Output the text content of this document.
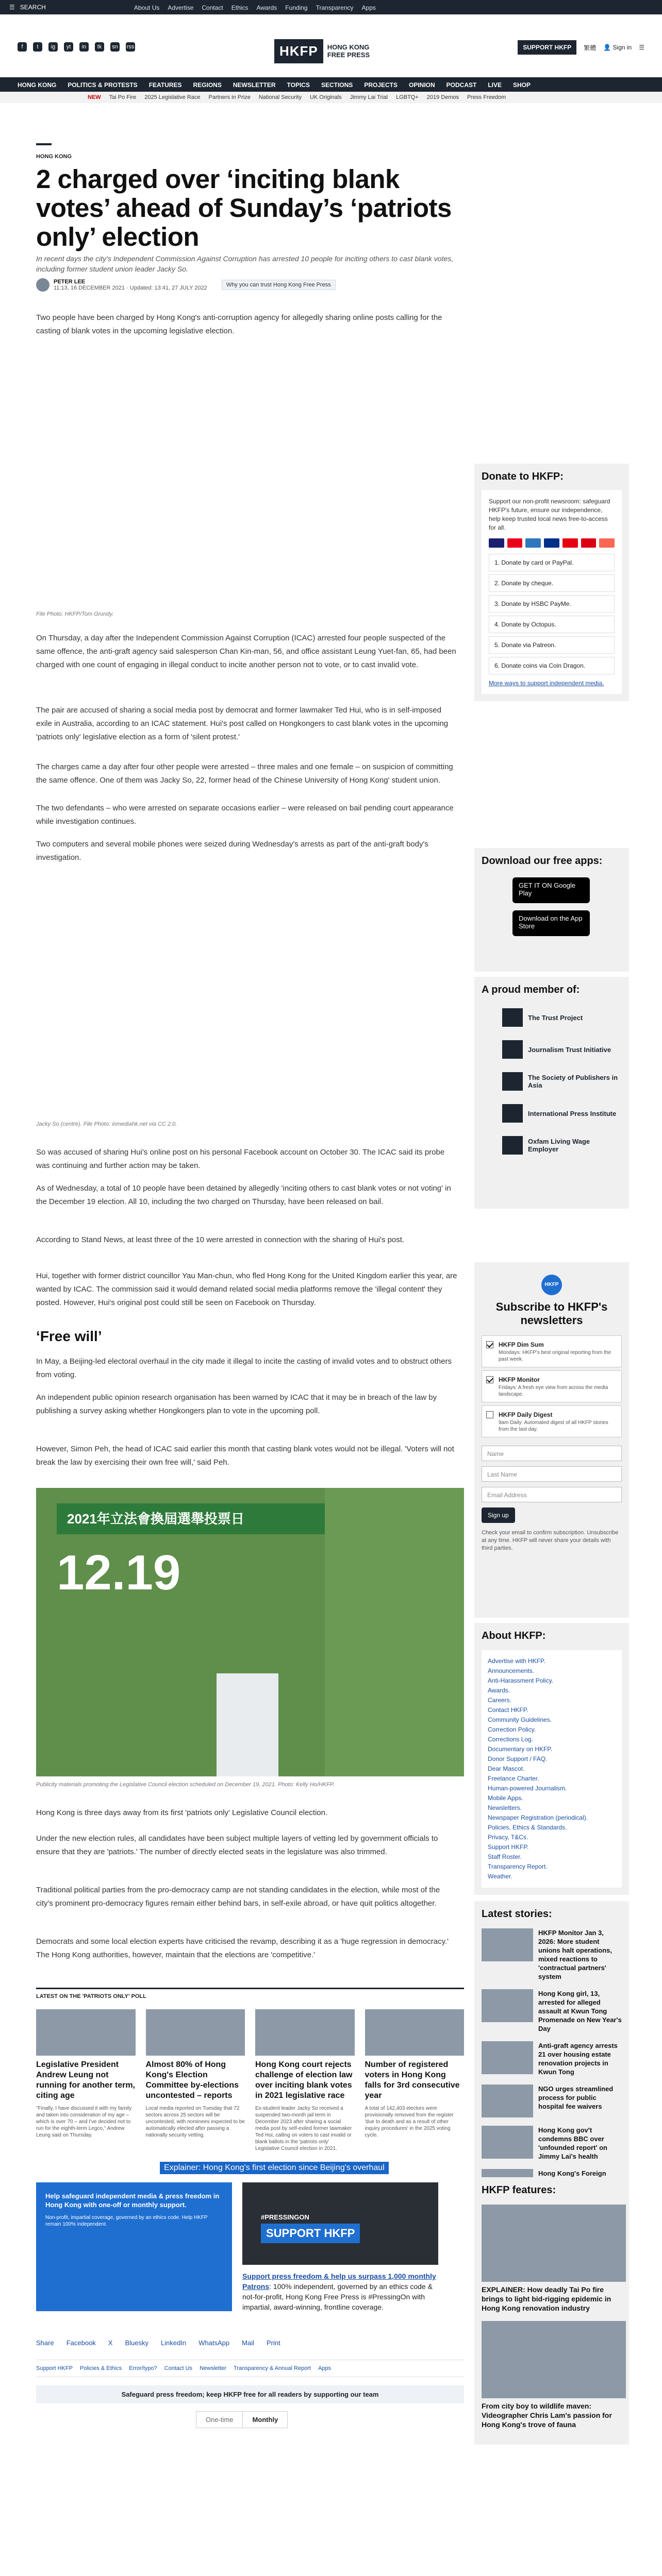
☰ SEARCH	About Us Advertise Contact Ethics Awards Funding Transparency Apps
f	t	ig	yt	in	tk	sn rss	HKFP	HONG KONG
FREE PRESS
SUPPORT HKFP	繁體 👤 Sign in ☰
HONG KONG POLITICS & PROTESTS FEATURES REGIONS NEWSLETTER TOPICS SECTIONS PROJECTS OPINION PODCAST LIVE SHOP
NEW Tai Po Fire 2025 Legislative Race Partners in Prize National Security UK Originals Jimmy Lai Trial LGBTQ+ 2019 Demos Press Freedom
HONG KONG
2 charged over ‘inciting blank votes’ ahead of Sunday’s ‘patriots only’ election
In recent days the city's Independent Commission Against Corruption has arrested 10 people for inciting others to cast blank votes, including former student union leader Jacky So.
PETER LEE
11:13, 16 DECEMBER 2021 · Updated: 13:41, 27 JULY 2022	Why you can trust Hong Kong Free Press

Two people have been charged by Hong Kong's anti-corruption agency for allegedly sharing online posts calling for the casting of blank votes in the upcoming legislative election.

File Photo: HKFP/Tom Grundy.

On Thursday, a day after the Independent Commission Against Corruption (ICAC) arrested four people suspected of the same offence, the anti-graft agency said salesperson Chan Kin-man, 56, and office assistant Leung Yuet-fan, 65, had been charged with one count of engaging in illegal conduct to incite another person not to vote, or to cast invalid vote.

The pair are accused of sharing a social media post by democrat and former lawmaker Ted Hui, who is in self-imposed exile in Australia, according to an ICAC statement. Hui's post called on Hongkongers to cast blank votes in the upcoming 'patriots only' legislative election as a form of 'silent protest.'

The charges came a day after four other people were arrested – three males and one female – on suspicion of committing the same offence. One of them was Jacky So, 22, former head of the Chinese University of Hong Kong' student union.

The two defendants – who were arrested on separate occasions earlier – were released on bail pending court appearance while investigation continues.

Two computers and several mobile phones were seized during Wednesday's arrests as part of the anti-graft body's investigation.

Jacky So (centre). File Photo: inmediahk.net via CC 2.0.

So was accused of sharing Hui's online post on his personal Facebook account on October 30. The ICAC said its probe was continuing and further action may be taken.

As of Wednesday, a total of 10 people have been detained by allegedly 'inciting others to cast blank votes or not voting' in the December 19 election. All 10, including the two charged on Thursday, have been released on bail.

According to Stand News, at least three of the 10 were arrested in connection with the sharing of Hui's post.

Hui, together with former district councillor Yau Man-chun, who fled Hong Kong for the United Kingdom earlier this year, are wanted by ICAC. The commission said it would demand related social media platforms remove the 'illegal content' they posted. However, Hui's original post could still be seen on Facebook on Thursday.

‘Free will’

In May, a Beijing-led electoral overhaul in the city made it illegal to incite the casting of invalid votes and to obstruct others from voting.

An independent public opinion research organisation has been warned by ICAC that it may be in breach of the law by publishing a survey asking whether Hongkongers plan to vote in the upcoming poll.

However, Simon Peh, the head of ICAC said earlier this month that casting blank votes would not be illegal. 'Voters will not break the law by exercising their own free will,' said Peh.

2021年立法會換屆選舉投票日
12.19
Publicity materials promoting the Legislative Council election scheduled on December 19, 2021. Photo: Kelly Ho/HKFP.

Hong Kong is three days away from its first 'patriots only' Legislative Council election.

Under the new election rules, all candidates have been subject multiple layers of vetting led by government officials to ensure that they are 'patriots.' The number of directly elected seats in the legislature was also trimmed.

Traditional political parties from the pro-democracy camp are not standing candidates in the election, while most of the city's prominent pro-democracy figures remain either behind bars, in self-exile abroad, or have quit politics altogether.

Democrats and some local election experts have criticised the revamp, describing it as a 'huge regression in democracy.' The Hong Kong authorities, however, maintain that the elections are 'competitive.'

LATEST ON THE 'PATRIOTS ONLY' POLL
Legislative President Andrew Leung not running for another term, citing age

"Finally, I have discussed it with my family and taken into consideration of my age – which is over 70 – and I've decided not to run for the eighth-term Legco," Andrew Leung said on Thursday.

Almost 80% of Hong Kong's Election Committee by-elections uncontested – reports

Local media reported on Tuesday that 72 sectors across 25 sectors will be uncontested, with nominees expected to be automatically elected after passing a nationally security vetting.

Hong Kong court rejects challenge of election law over inciting blank votes in 2021 legislative race

Ex-student leader Jacky So received a suspended two-month jail term in December 2023 after sharing a social media post by self-exiled former lawmaker Ted Hui, calling on voters to cast invalid or blank ballots in the 'patriots only' Legislative Council election in 2021.

Number of registered voters in Hong Kong falls for 3rd consecutive year

A total of 142,403 electors were provisionally removed from the register 'due to death and as a result of other inquiry procedures' in the 2025 voting cycle.

Explainer: Hong Kong's first election since Beijing's overhaul
Help safeguard independent media & press freedom in Hong Kong with one-off or monthly support.
Non-profit, impartial coverage, governed by an ethics code. Help HKFP remain 100% independent.
#PRESSINGON
SUPPORT HKFP
Support press freedom & help us surpass 1,000 monthly Patrons: 100% independent, governed by an ethics code & not-for-profit, Hong Kong Free Press is #PressingOn with impartial, award-winning, frontline coverage.
Share Facebook X Bluesky LinkedIn WhatsApp Mail Print
Support HKFP Policies & Ethics Error/typo? Contact Us Newsletter Transparency & Annual Report Apps
Safeguard press freedom; keep HKFP free for all readers by supporting our team
One-time	Monthly
Donate to HKFP:
Support our non-profit newsroom: safeguard HKFP's future, ensure our independence, help keep trusted local news free-to-access for all.
1. Donate by card or PayPal.
2. Donate by cheque.
3. Donate by HSBC PayMe.
4. Donate by Octopus.
5. Donate via Patreon.
6. Donate coins via Coin Dragon.
More ways to support independent media.
Download our free apps:
GET IT ON Google Play
Download on the App Store
A proud member of:
The Trust Project
Journalism Trust Initiative
The Society of Publishers in Asia
International Press Institute
Oxfam Living Wage Employer
HKFP
Subscribe to HKFP's newsletters
HKFP Dim Sum

Mondays: HKFP's best original reporting from the past week.

HKFP Monitor

Fridays: A fresh eye view from across the media landscape.

HKFP Daily Digest

9am Daily: Automated digest of all HKFP stories from the last day.

Name
Last Name
Email Address
Sign up
Check your email to confirm subscription. Unsubscribe at any time. HKFP will never share your details with third parties.
About HKFP:
Advertise with HKFP.
Announcements.
Anti-Harassment Policy.
Awards.
Careers.
Contact HKFP.
Community Guidelines.
Correction Policy.
Corrections Log.
Documentary on HKFP.
Donor Support / FAQ.
Dear Mascot.
Freelance Charter.
Human-powered Journalism.
Mobile Apps.
Newsletters.
Newspaper Registration (periodical).
Policies, Ethics & Standards.
Privacy, T&Cs.
Support HKFP.
Staff Roster.
Transparency Report.
Weather.
Latest stories:

HKFP Monitor Jan 3, 2026: More student unions halt operations, mixed reactions to 'contractual partners' system

Hong Kong girl, 13, arrested for alleged assault at Kwun Tong Promenade on New Year's Day

Anti-graft agency arrests 21 over housing estate renovation projects in Kwun Tong

NGO urges streamlined process for public hospital fee waivers

Hong Kong gov't condemns BBC over 'unfounded report' on Jimmy Lai's health

Hong Kong's Foreign

HKFP features:

EXPLAINER: How deadly Tai Po fire brings to light bid-rigging epidemic in Hong Kong renovation industry

From city boy to wildlife maven: Videographer Chris Lam's passion for Hong Kong's trove of fauna
